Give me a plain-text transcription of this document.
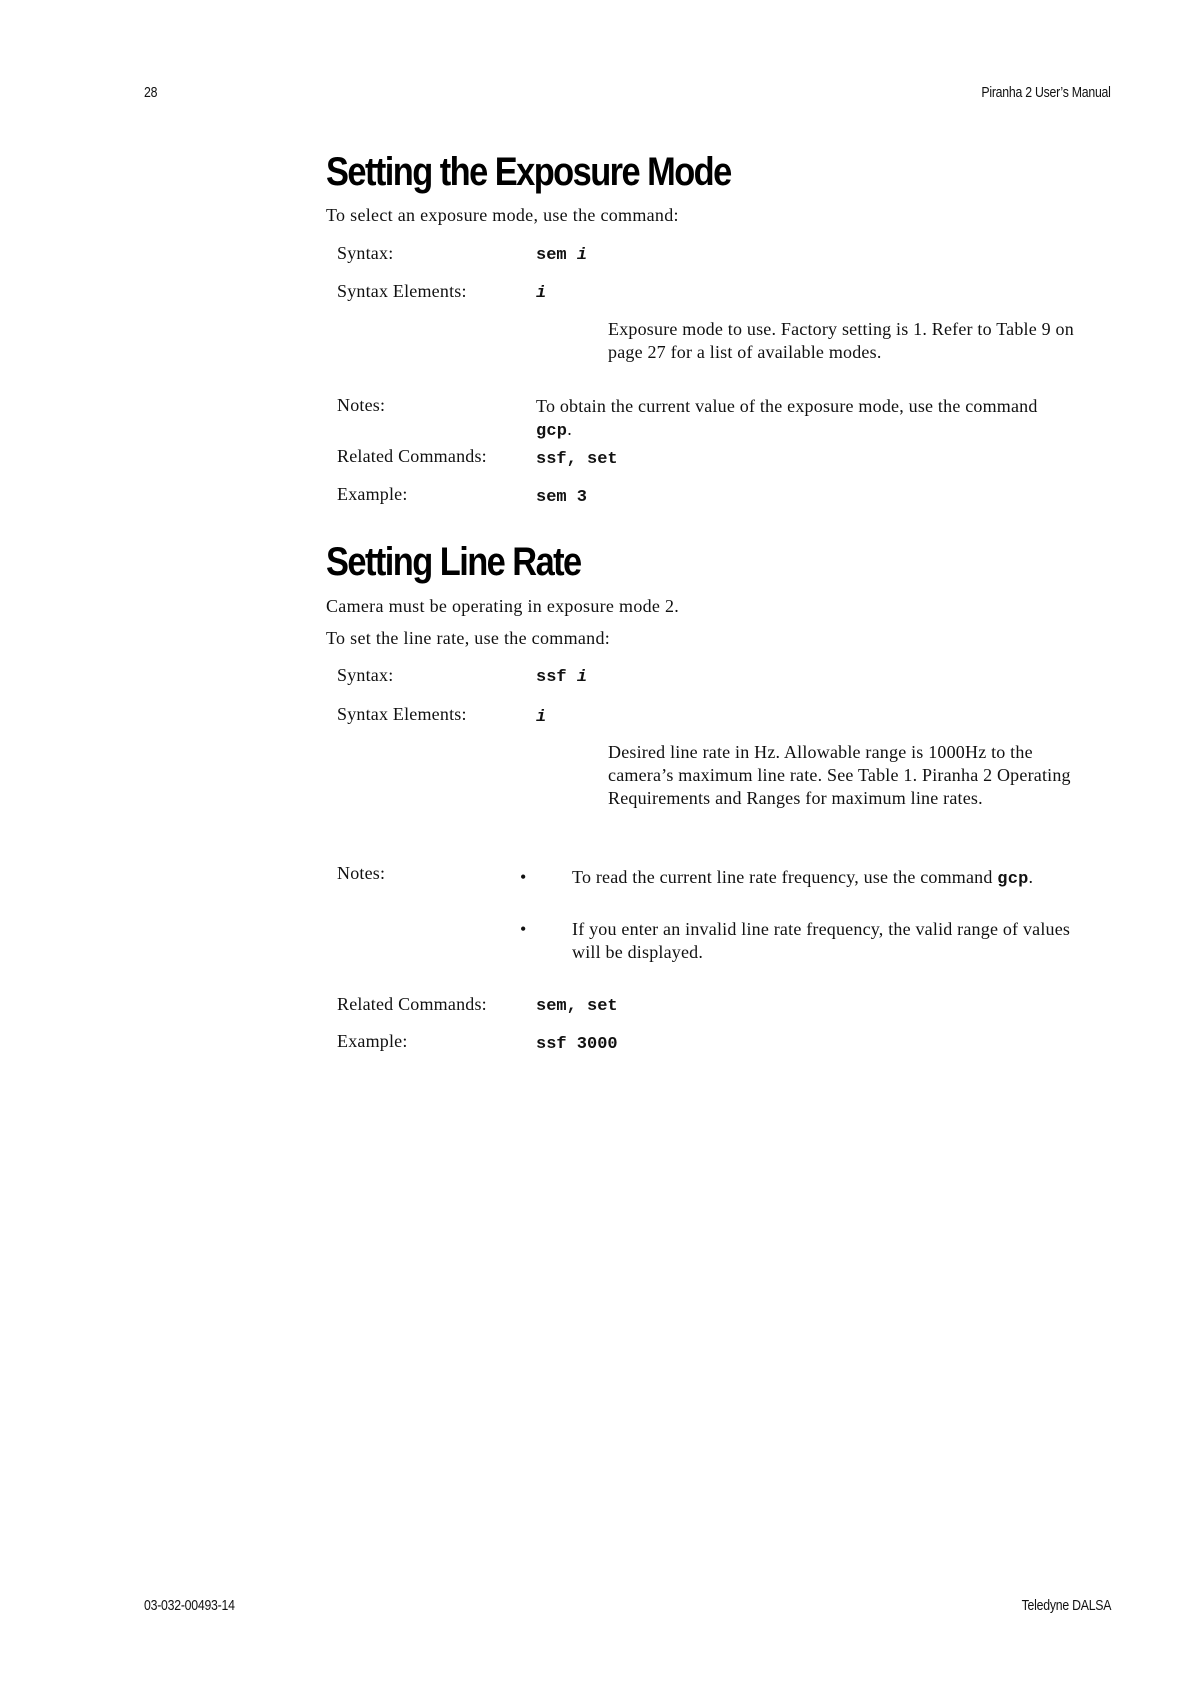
28	Piranha 2 User’s Manual
Setting the Exposure Mode
To select an exposure mode, use the command:
Syntax:	sem i
Syntax Elements:	i
Exposure mode to use. Factory setting is 1. Refer to Table 9 on page 27 for a list of available modes.
Notes:	To obtain the current value of the exposure mode, use the command gcp.
Related Commands:	ssf, set
Example:	sem 3
Setting Line Rate
Camera must be operating in exposure mode 2.
To set the line rate, use the command:
Syntax:	ssf i
Syntax Elements:	i
Desired line rate in Hz. Allowable range is 1000Hz to the camera’s maximum line rate. See Table 1. Piranha 2 Operating Requirements and Ranges for maximum line rates.
Notes:	•	To read the current line rate frequency, use the command gcp.
•	If you enter an invalid line rate frequency, the valid range of values will be displayed.
Related Commands:	sem, set
Example:	ssf 3000
03-032-00493-14	Teledyne DALSA
